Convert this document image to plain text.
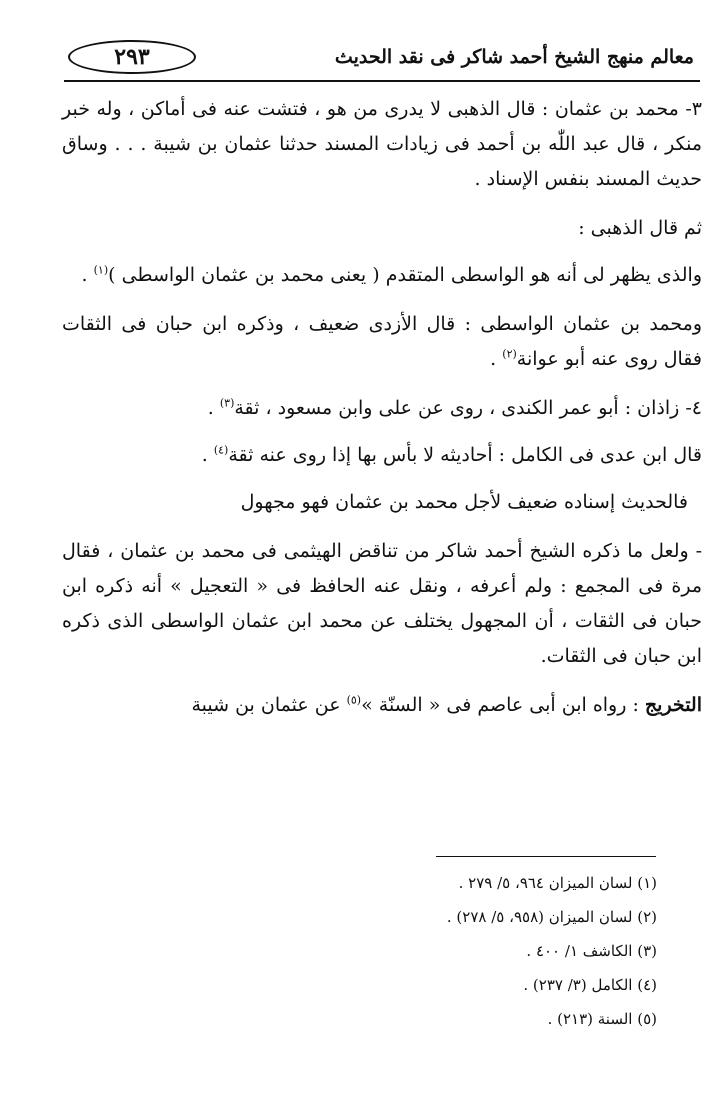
٢٩٣	معالم منهج الشيخ أحمد شاكر فى نقد الحديث

٣- محمد بن عثمان : قال الذهبى لا يدرى من هو ، فتشت عنه فى أماكن ، وله خبر منكر ، قال عبد اللّٰه بن أحمد فى زيادات المسند حدثنا عثمان بن شيبة . . . وساق حديث المسند بنفس الإسناد .

ثم قال الذهبى :

والذى يظهر لى أنه هو الواسطى المتقدم ( يعنى محمد بن عثمان الواسطى )$^{(١)}$ .

ومحمد بن عثمان الواسطى : قال الأزدى ضعيف ، وذكره ابن حبان فى الثقات فقال روى عنه أبو عوانة$^{(٢)}$ .

٤- زاذان : أبو عمر الكندى ، روى عن على وابن مسعود ، ثقة$^{(٣)}$ .

قال ابن عدى فى الكامل : أحاديثه لا بأس بها إذا روى عنه ثقة$^{(٤)}$ .

فالحديث إسناده ضعيف لأجل محمد بن عثمان فهو مجهول

- ولعل ما ذكره الشيخ أحمد شاكر من تناقض الهيثمى فى محمد بن عثمان ، فقال مرة فى المجمع : ولم أعرفه ، ونقل عنه الحافظ فى « التعجيل » أنه ذكره ابن حبان فى الثقات ، أن المجهول يختلف عن محمد ابن عثمان الواسطى الذى ذكره ابن حبان فى الثقات.

التخريج : رواه ابن أبى عاصم فى « السنّة »$^{(٥)}$ عن عثمان بن شيبة

(١) لسان الميزان ٩٦٤، ٥/ ٢٧٩ .
(٢) لسان الميزان (٩٥٨، ٥/ ٢٧٨) .
(٣) الكاشف ١/ ٤٠٠ .
(٤) الكامل (٣/ ٢٣٧) .
(٥) السنة (٢١٣) .
